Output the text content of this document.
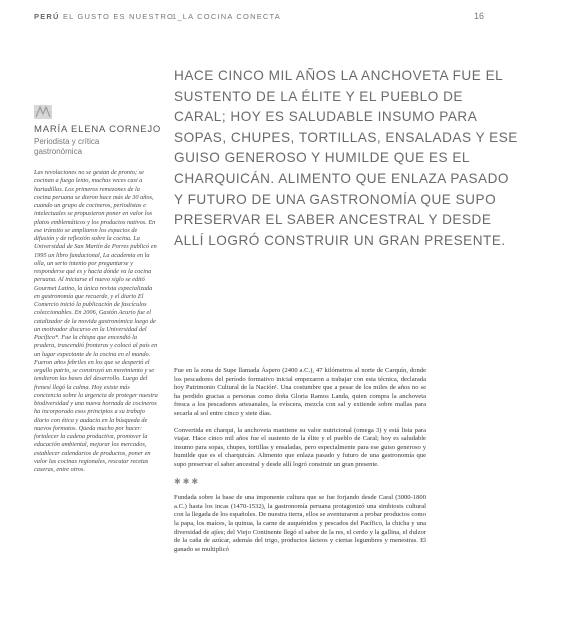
PERÚ EL GUSTO ES NUESTRO
1_LA COCINA CONECTA	16
HACE CINCO MIL AÑOS LA ANCHOVETA FUE EL SUSTENTO DE LA ÉLITE Y EL PUEBLO DE CARAL; HOY ES SALUDABLE INSUMO PARA SOPAS, CHUPES, TORTILLAS, ENSALADAS Y ESE GUISO GENEROSO Y HUMILDE QUE ES EL CHARQUICÁN. ALIMENTO QUE ENLAZA PASADO Y FUTURO DE UNA GASTRONOMÍA QUE SUPO PRESERVAR EL SABER ANCESTRAL Y DESDE ALLÍ LOGRÓ CONSTRUIR UN GRAN PRESENTE.
MARÍA ELENA CORNEJO
Periodista y crítica gastronómica

Las revoluciones no se gestan de pronto; se cocinan a fuego lento, muchas veces casi a hurtadillas. Los primeros remezones de la cocina peruana se dieron hace más de 30 años, cuando un grupo de cocineros, periodistas e intelectuales se propusieron poner en valor los platos emblemáticos y los productos nativos. En ese tránsito se ampliaron los espacios de difusión y de reflexión sobre la cocina. La Universidad de San Martín de Porres publicó en 1995 un libro fundacional, La academia en la olla, un serio intento por preguntarse y responderse qué es y hacia dónde va la cocina peruana. Al iniciarse el nuevo siglo se editó Gourmet Latino, la única revista especializada en gastronomía que recuerde, y el diario El Comercio inició la publicación de fascículos coleccionables. En 2006, Gastón Acurio fue el catalizador de la movida gastronómica luego de un motivador discurso en la Universidad del Pacífico*. Fue la chispa que encendió la pradera, trascendió fronteras y colocó al país en un lugar expectante de la cocina en el mundo. Fueron años febriles en los que se despertó el orgullo patrio, se construyó un movimiento y se tendieron las bases del desarrollo. Luego del frenesí llegó la calma. Hoy existe más conciencia sobre la urgencia de proteger nuestra biodiversidad y una nueva hornada de cocineros ha incorporado esos principios a su trabajo diario con ética y audacia en la búsqueda de nuevos formatos. Queda mucho por hacer: fortalecer la cadena productiva, promover la educación ambiental, mejorar los mercados, establecer calendarios de productos, poner en valor las cocinas regionales, rescatar recetas caseras, entre otros.

Fue en la zona de Supe llamada Áspero (2400 a.C.), 47 kilómetros al norte de Carquín, donde los pescadores del período formativo inicial empezaron a trabajar con esta técnica, declarada hoy Patrimonio Cultural de la Nación¹. Una costumbre que a pesar de los miles de años no se ha perdido gracias a personas como doña Gloria Ramos Landa, quien compra la anchoveta fresca a los pescadores artesanales, la evíscera, mezcla con sal y extiende sobre mallas para secarla al sol entre cinco y siete días.

Convertida en charqui, la anchoveta mantiene su valor nutricional (omega 3) y está lista para viajar. Hace cinco mil años fue el sustento de la élite y el pueblo de Caral; hoy es saludable insumo para sopas, chupes, tortillas y ensaladas, pero especialmente para ese guiso generoso y humilde que es el charquicán. Alimento que enlaza pasado y futuro de una gastronomía que supo preservar el saber ancestral y desde allí logró construir un gran presente.

✱✱✱

Fundada sobre la base de una imponente cultura que se fue forjando desde Caral (3000-1800 a.C.) hasta los incas (1470-1532), la gastronomía peruana protagonizó una simbiosis cultural con la llegada de los españoles. De nuestra tierra, ellos se aventuraron a probar productos como la papa, los maíces, la quinua, la carne de auquénidos y pescados del Pacífico, la chicha y una diversidad de ajíes; del Viejo Continente llegó el sabor de la res, el cerdo y la gallina, el dulzor de la caña de azúcar, además del trigo, productos lácteos y ciertas legumbres y menestras. El ganado se multiplicó
